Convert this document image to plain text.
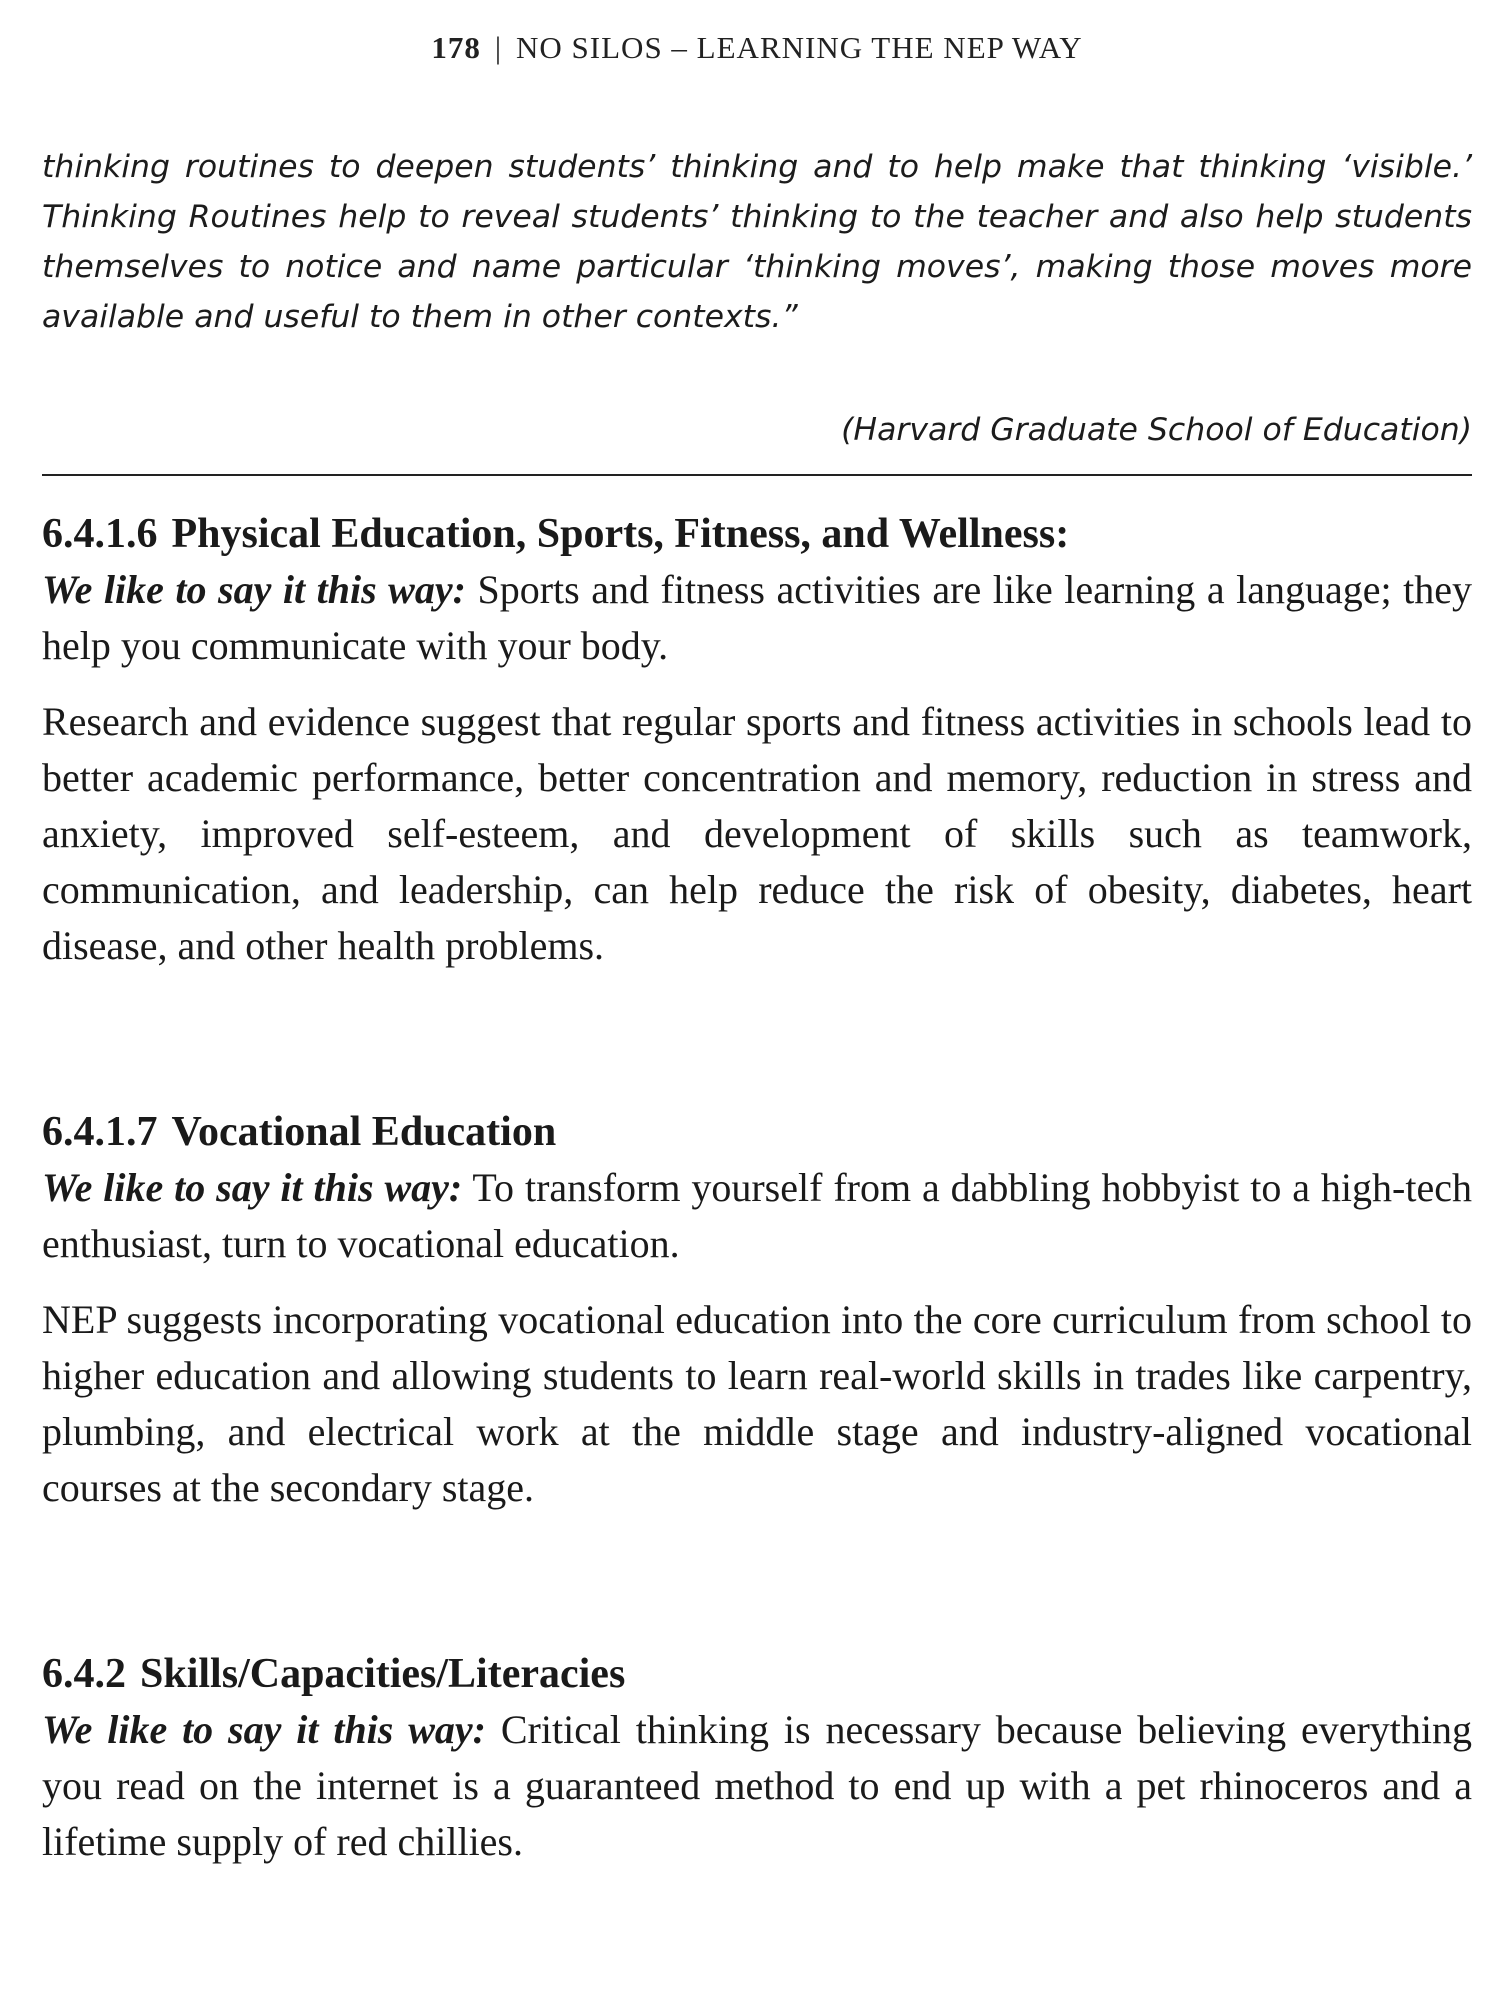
178 | NO SILOS – LEARNING THE NEP WAY

thinking routines to deepen students’ thinking and to help make that thinking ‘visible.’ Thinking Routines help to reveal students’ thinking to the teacher and also help students themselves to notice and name particular ‘thinking moves’, making those moves more available and useful to them in other contexts.”

(Harvard Graduate School of Education)
6.4.1.6 Physical Education, Sports, Fitness, and Wellness:

We like to say it this way: Sports and fitness activities are like learning a language; they help you communicate with your body.

Research and evidence suggest that regular sports and fitness activities in schools lead to better academic performance, better concentration and memory, reduction in stress and anxiety, improved self-esteem, and development of skills such as teamwork, communication, and leadership, can help reduce the risk of obesity, diabetes, heart disease, and other health problems.

6.4.1.7 Vocational Education

We like to say it this way: To transform yourself from a dabbling hobbyist to a high-tech enthusiast, turn to vocational education.

NEP suggests incorporating vocational education into the core curriculum from school to higher education and allowing students to learn real-world skills in trades like carpentry, plumbing, and electrical work at the middle stage and industry-aligned vocational courses at the secondary stage.

6.4.2 Skills/Capacities/Literacies

We like to say it this way: Critical thinking is necessary because believing everything you read on the internet is a guaranteed method to end up with a pet rhinoceros and a lifetime supply of red chillies.
